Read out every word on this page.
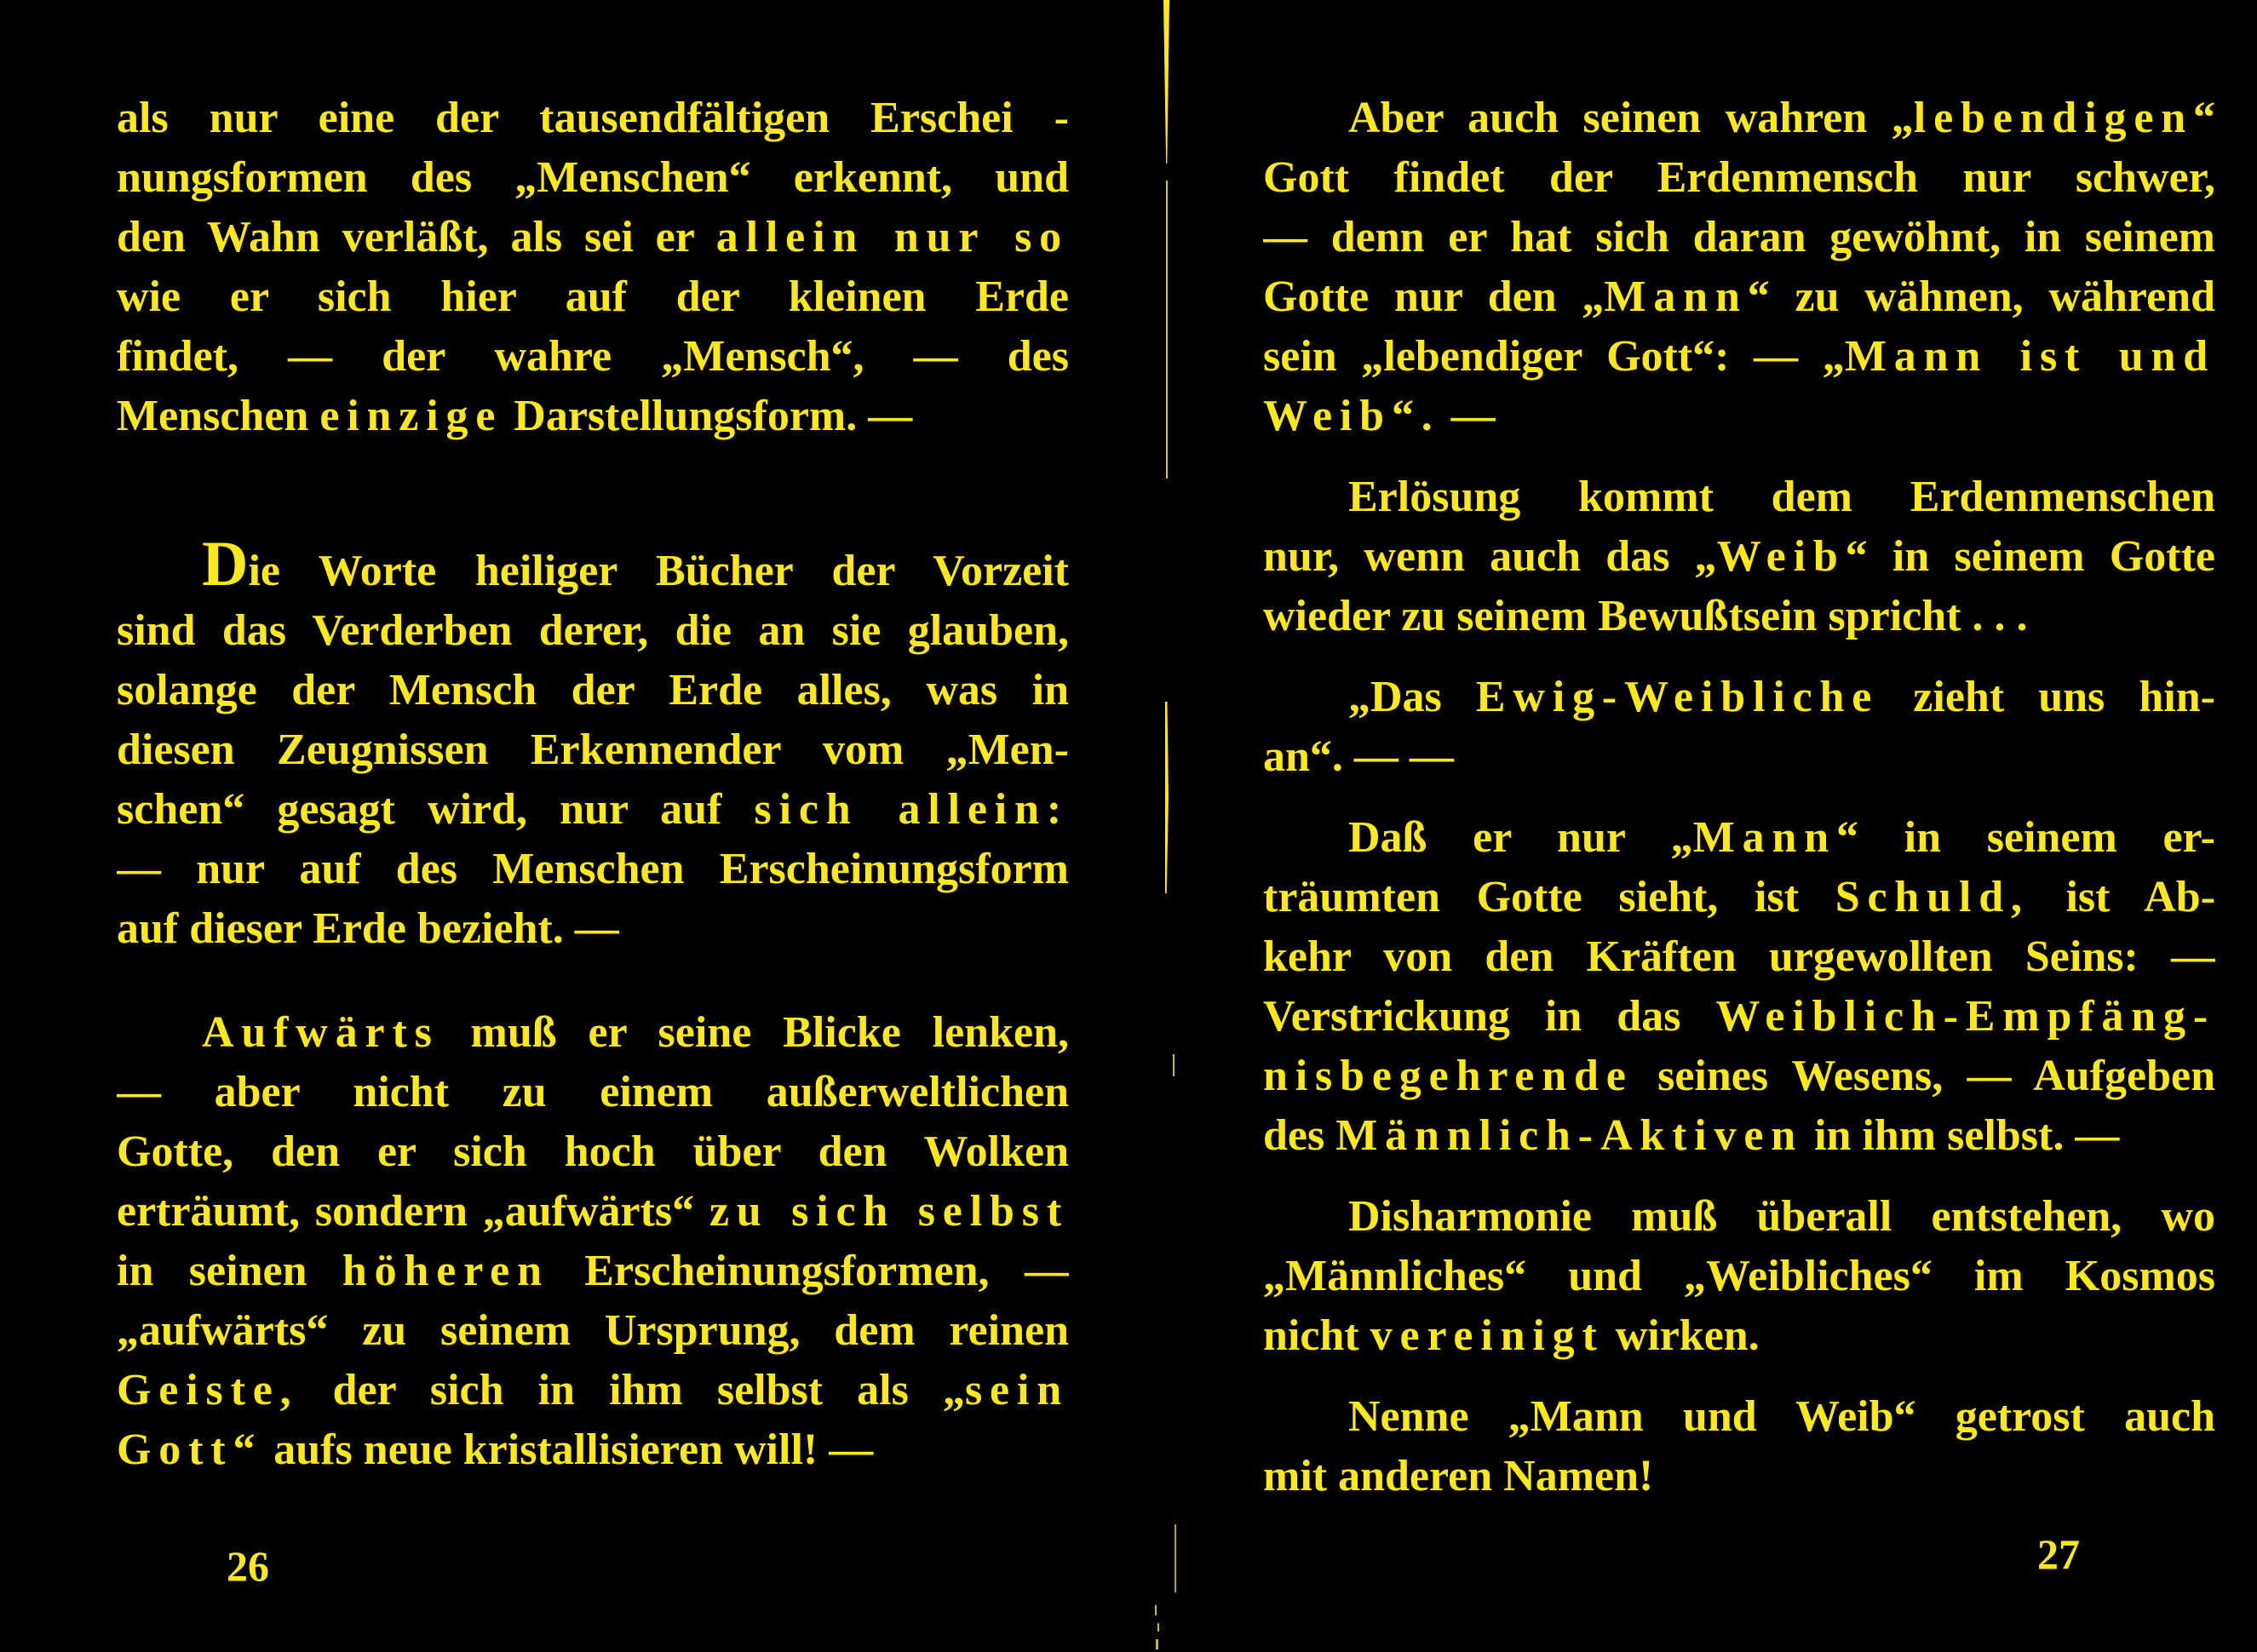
als nur eine der tausendfältigen Erschei -
nungsformen des „Menschen“ erkennt, und
den Wahn verläßt, als sei er allein nur so
wie er sich hier auf der kleinen Erde
findet, — der wahre „Mensch“, — des
Menschen einzige Darstellungsform. —
Die Worte heiliger Bücher der Vorzeit
sind das Verderben derer, die an sie glauben,
solange der Mensch der Erde alles, was in
diesen Zeugnissen Erkennender vom „Men-
schen“ gesagt wird, nur auf sich allein:
— nur auf des Menschen Erscheinungsform
auf dieser Erde bezieht. —
Aufwärts muß er seine Blicke lenken,
— aber nicht zu einem außerweltlichen
Gotte, den er sich hoch über den Wolken
erträumt, sondern „aufwärts“ zu sich selbst
in seinen höheren Erscheinungsformen, —
„aufwärts“ zu seinem Ursprung, dem reinen
Geiste, der sich in ihm selbst als „sein
Gott“ aufs neue kristallisieren will! —
Aber auch seinen wahren „lebendigen“
Gott findet der Erdenmensch nur schwer,
— denn er hat sich daran gewöhnt, in seinem
Gotte nur den „Mann“ zu wähnen, während
sein „lebendiger Gott“: — „Mann ist und
Weib“. —
Erlösung kommt dem Erdenmenschen
nur, wenn auch das „Weib“ in seinem Gotte
wieder zu seinem Bewußtsein spricht . . .
„Das Ewig-Weibliche zieht uns hin-
an“. — —
Daß er nur „Mann“ in seinem er-
träumten Gotte sieht, ist Schuld, ist Ab-
kehr von den Kräften urgewollten Seins: —
Verstrickung in das Weiblich-Empfäng-
nisbegehrende seines Wesens, — Aufgeben
des Männlich-Aktiven in ihm selbst. —
Disharmonie muß überall entstehen, wo
„Männliches“ und „Weibliches“ im Kosmos
nicht vereinigt wirken.
Nenne „Mann und Weib“ getrost auch
mit anderen Namen!
26	27
